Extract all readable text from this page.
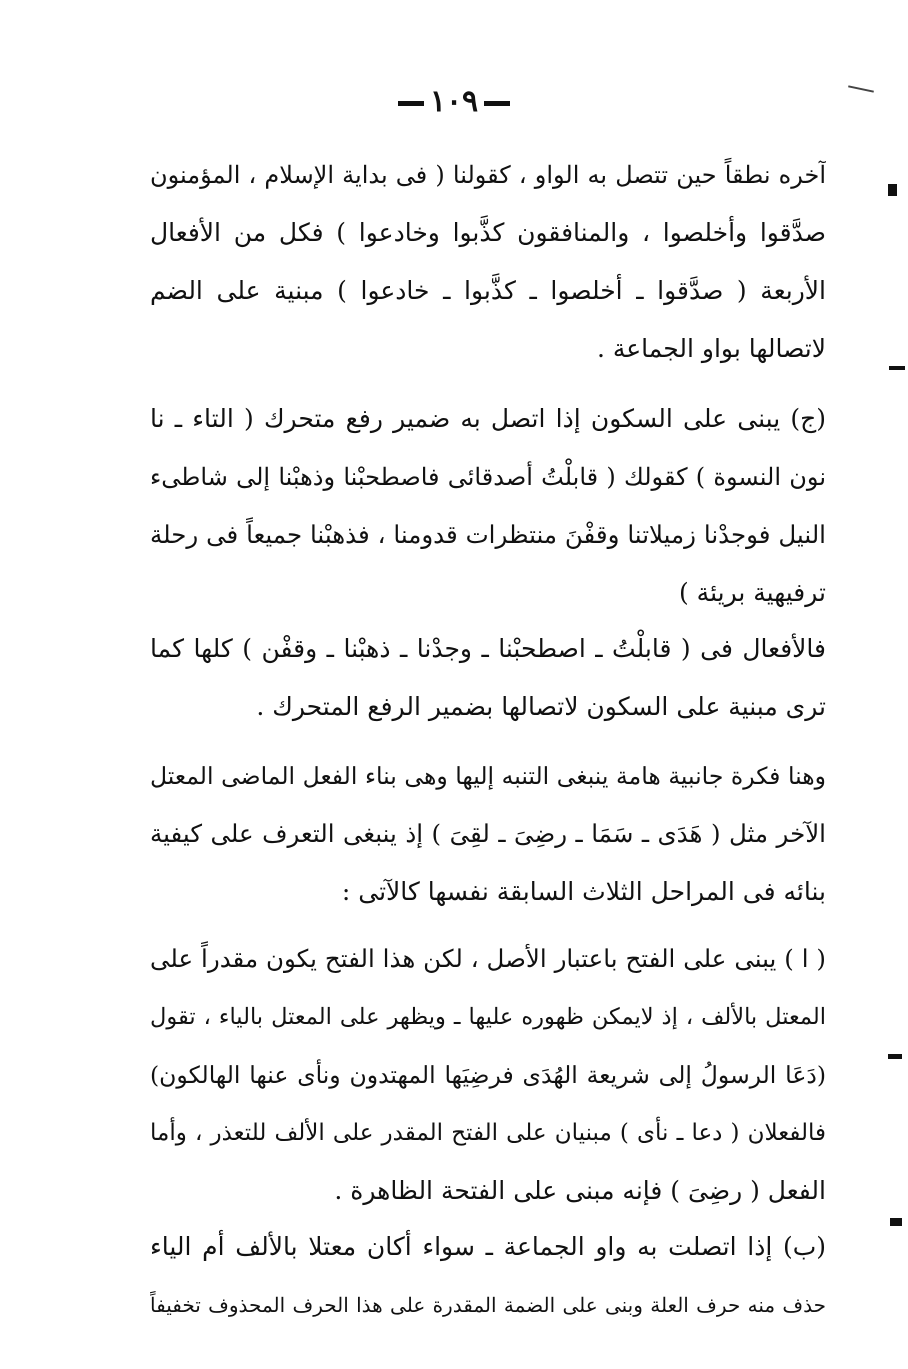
١٠٩
آخره نطقاً حين تتصل به الواو ، كقولنا ( فى بداية الإسلام ، المؤمنون
صدَّقوا وأخلصوا ، والمنافقون كذَّبوا وخادعوا ) فكل من الأفعال
الأربعة ( صدَّقوا ـ أخلصوا ـ كذَّبوا ـ خادعوا ) مبنية على الضم
لاتصالها بواو الجماعة .
(ج) يبنى على السكون إذا اتصل به ضمير رفع متحرك ( التاء ـ نا
نون النسوة ) كقولك ( قابلْتُ أصدقائى فاصطحبْنا وذهبْنا إلى شاطىء
النيل فوجدْنا زميلاتنا وقفْنَ منتظرات قدومنا ، فذهبْنا جميعاً فى رحلة
ترفيهية بريئة )
فالأفعال فى ( قابلْتُ ـ اصطحبْنا ـ وجدْنا ـ ذهبْنا ـ وقفْن ) كلها كما
ترى مبنية على السكون لاتصالها بضمير الرفع المتحرك .
وهنا فكرة جانبية هامة ينبغى التنبه إليها وهى بناء الفعل الماضى المعتل
الآخر مثل ( هَدَى ـ سَمَا ـ رضِىَ ـ لقِىَ ) إذ ينبغى التعرف على كيفية
بنائه فى المراحل الثلاث السابقة نفسها كالآتى :
( ا ) يبنى على الفتح باعتبار الأصل ، لكن هذا الفتح يكون مقدراً على
المعتل بالألف ، إذ لايمكن ظهوره عليها ـ ويظهر على المعتل بالياء ، تقول
(دَعَا الرسولُ إلى شريعة الهُدَى فرضِيَها المهتدون ونأى عنها الهالكون)
فالفعلان ( دعا ـ نأى ) مبنيان على الفتح المقدر على الألف للتعذر ، وأما
الفعل ( رضِىَ ) فإنه مبنى على الفتحة الظاهرة .
(ب) إذا اتصلت به واو الجماعة ـ سواء أكان معتلا بالألف أم الياء
حذف منه حرف العلة وبنى على الضمة المقدرة على هذا الحرف المحذوف تخفيفاً
